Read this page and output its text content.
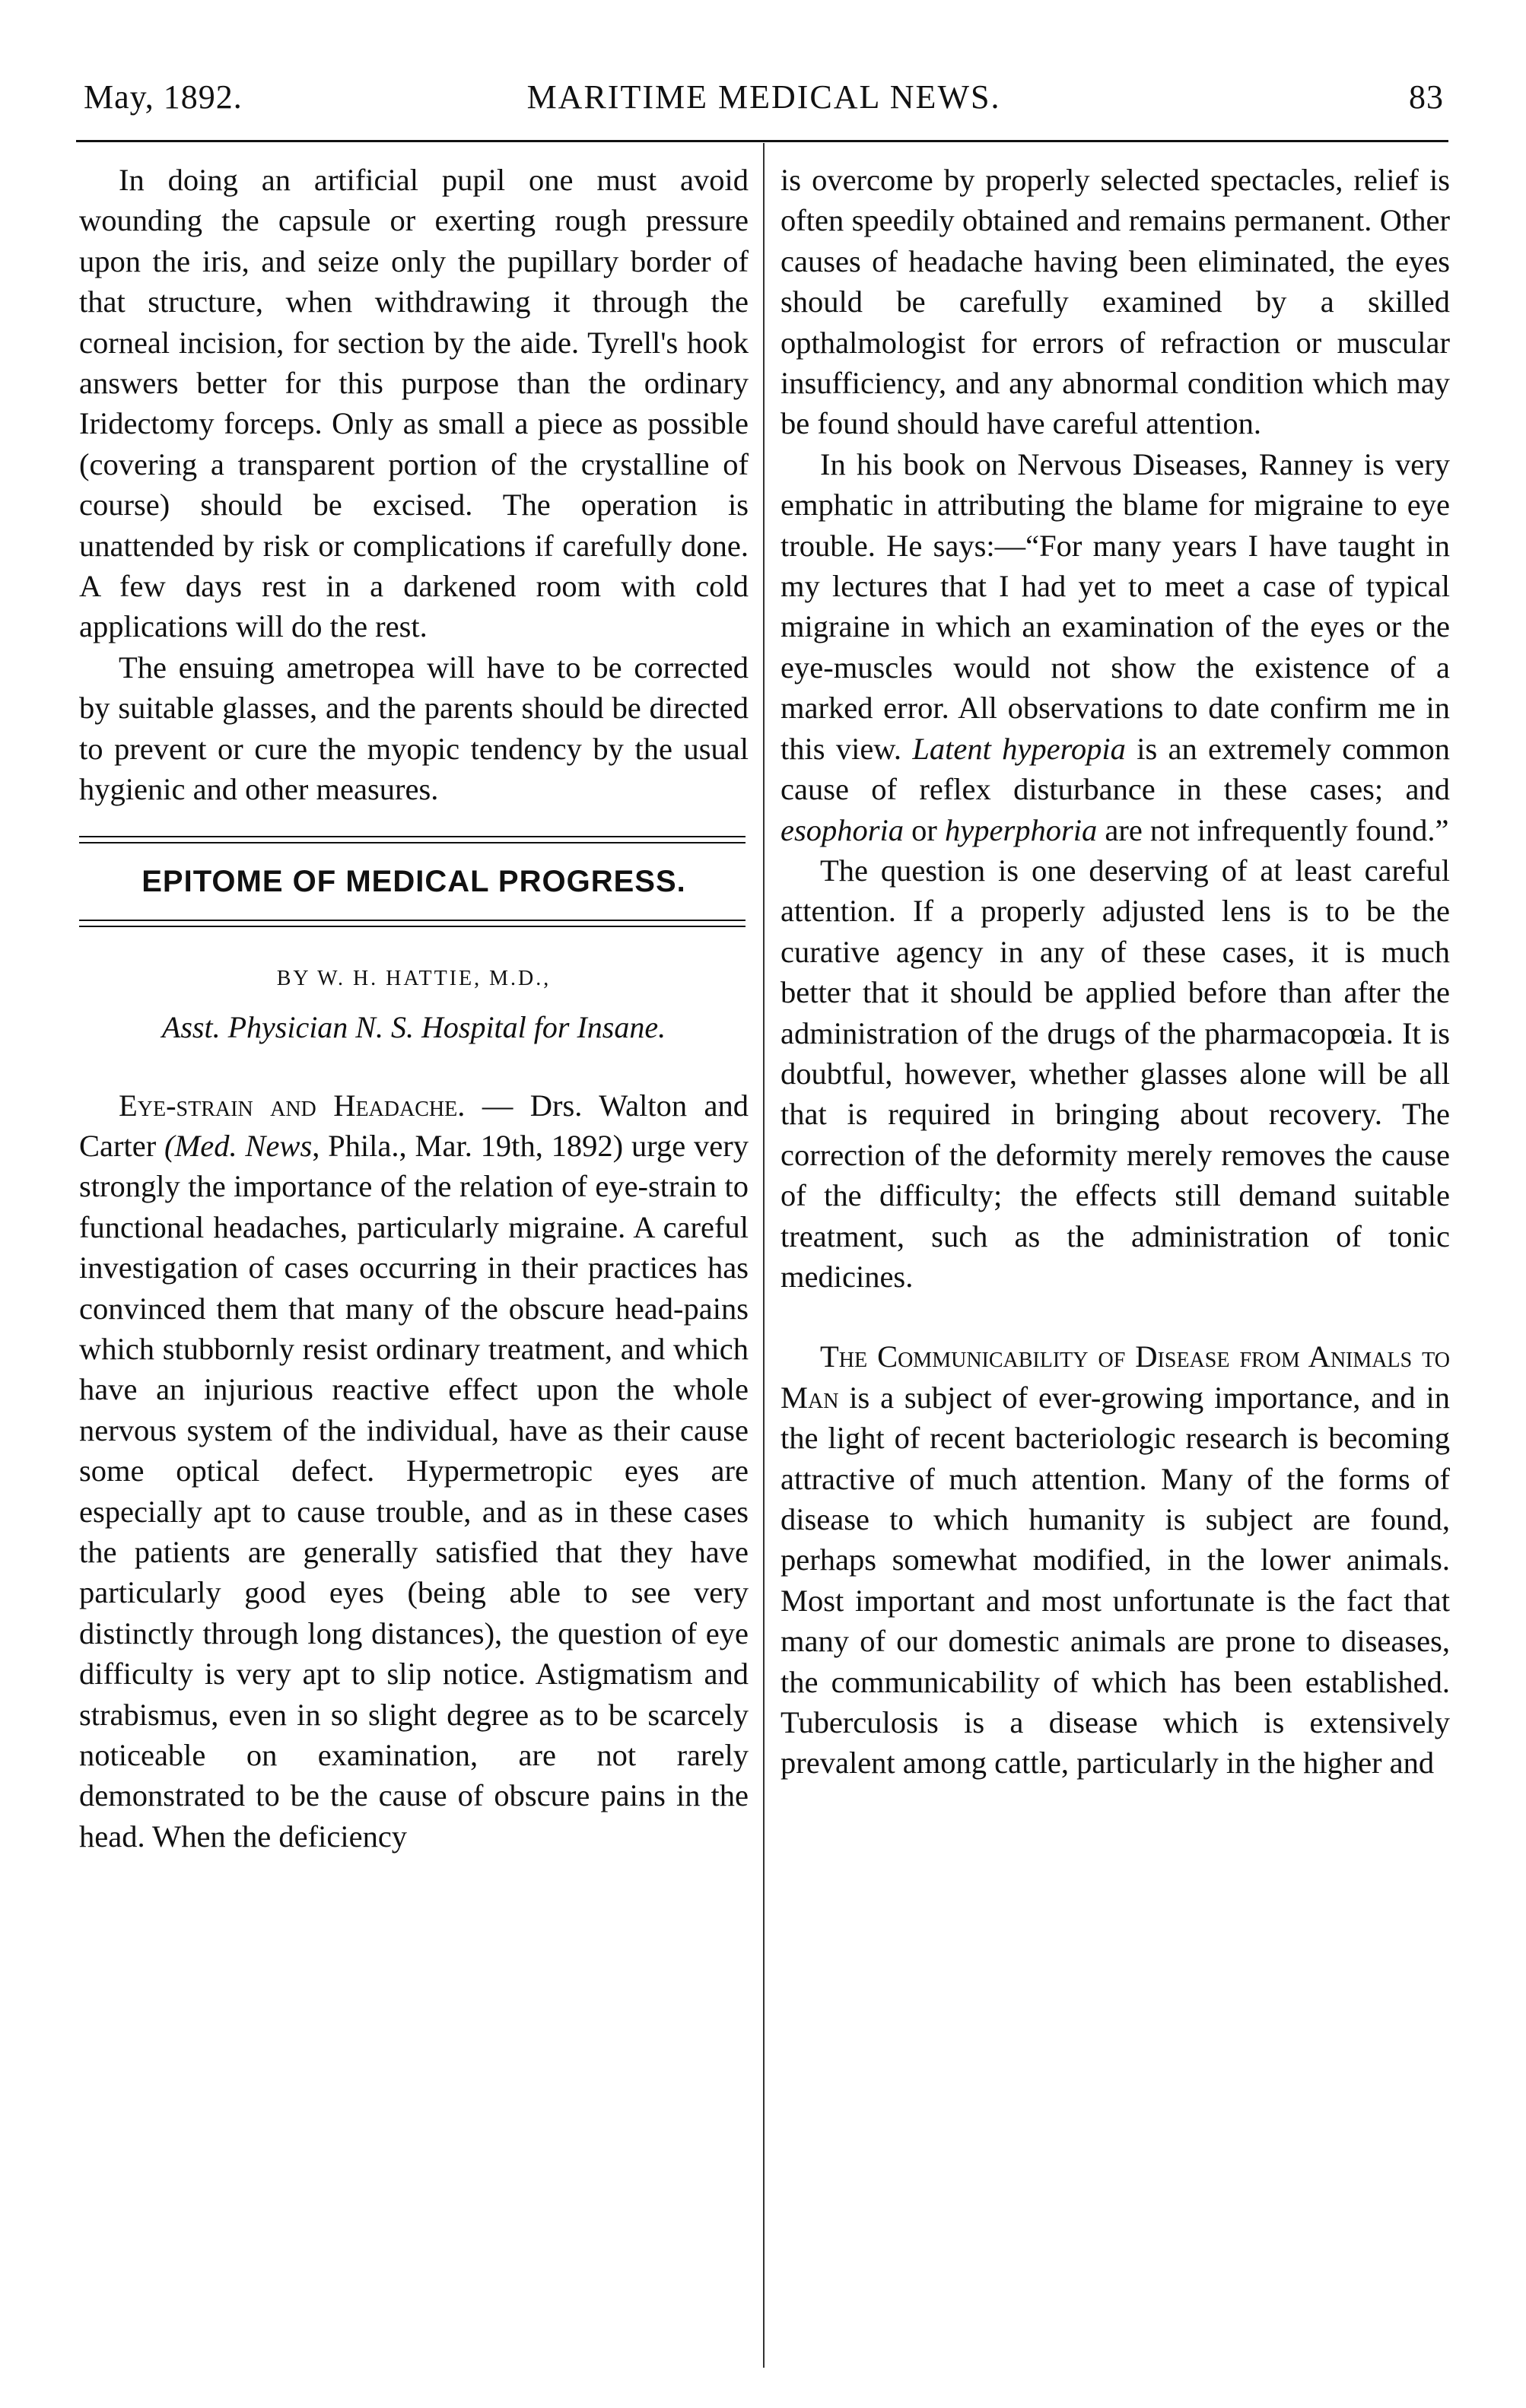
May, 1892.	MARITIME MEDICAL NEWS.	83

In doing an artificial pupil one must avoid wounding the capsule or exerting rough pressure upon the iris, and seize only the pupillary border of that structure, when withdrawing it through the corneal incision, for section by the aide. Tyrell's hook answers better for this purpose than the ordinary Iridectomy forceps. Only as small a piece as possible (covering a transparent portion of the crystalline of course) should be excised. The operation is unattended by risk or complications if carefully done. A few days rest in a darkened room with cold applications will do the rest.

The ensuing ametropea will have to be corrected by suitable glasses, and the parents should be directed to prevent or cure the myopic tendency by the usual hygienic and other measures.

EPITOME OF MEDICAL PROGRESS.
BY W. H. HATTIE, M.D.,
Asst. Physician N. S. Hospital for Insane.

Eye-strain and Headache. — Drs. Walton and Carter (Med. News, Phila., Mar. 19th, 1892) urge very strongly the importance of the relation of eye-strain to functional headaches, particularly migraine. A careful investigation of cases occurring in their practices has convinced them that many of the obscure head-pains which stubbornly resist ordinary treatment, and which have an injurious reactive effect upon the whole nervous system of the individual, have as their cause some optical defect. Hypermetropic eyes are especially apt to cause trouble, and as in these cases the patients are generally satisfied that they have particularly good eyes (being able to see very distinctly through long distances), the question of eye difficulty is very apt to slip notice. Astigmatism and strabismus, even in so slight degree as to be scarcely noticeable on examination, are not rarely demonstrated to be the cause of obscure pains in the head. When the deficiency

is overcome by properly selected spectacles, relief is often speedily obtained and remains permanent. Other causes of headache having been eliminated, the eyes should be carefully examined by a skilled opthalmologist for errors of refraction or muscular insufficiency, and any abnormal condition which may be found should have careful attention.

In his book on Nervous Diseases, Ranney is very emphatic in attributing the blame for migraine to eye trouble. He says:—“For many years I have taught in my lectures that I had yet to meet a case of typical migraine in which an examination of the eyes or the eye-muscles would not show the existence of a marked error. All observations to date confirm me in this view. Latent hyperopia is an extremely common cause of reflex disturbance in these cases; and esophoria or hyperphoria are not infrequently found.”

The question is one deserving of at least careful attention. If a properly adjusted lens is to be the curative agency in any of these cases, it is much better that it should be applied before than after the administration of the drugs of the pharmacopœia. It is doubtful, however, whether glasses alone will be all that is required in bringing about recovery. The correction of the deformity merely removes the cause of the difficulty; the effects still demand suitable treatment, such as the administration of tonic medicines.

The Communicability of Disease from Animals to Man is a subject of ever-growing importance, and in the light of recent bacteriologic research is becoming attractive of much attention. Many of the forms of disease to which humanity is subject are found, perhaps somewhat modified, in the lower animals. Most important and most unfortunate is the fact that many of our domestic animals are prone to diseases, the communicability of which has been established. Tuberculosis is a disease which is extensively prevalent among cattle, particularly in the higher and
